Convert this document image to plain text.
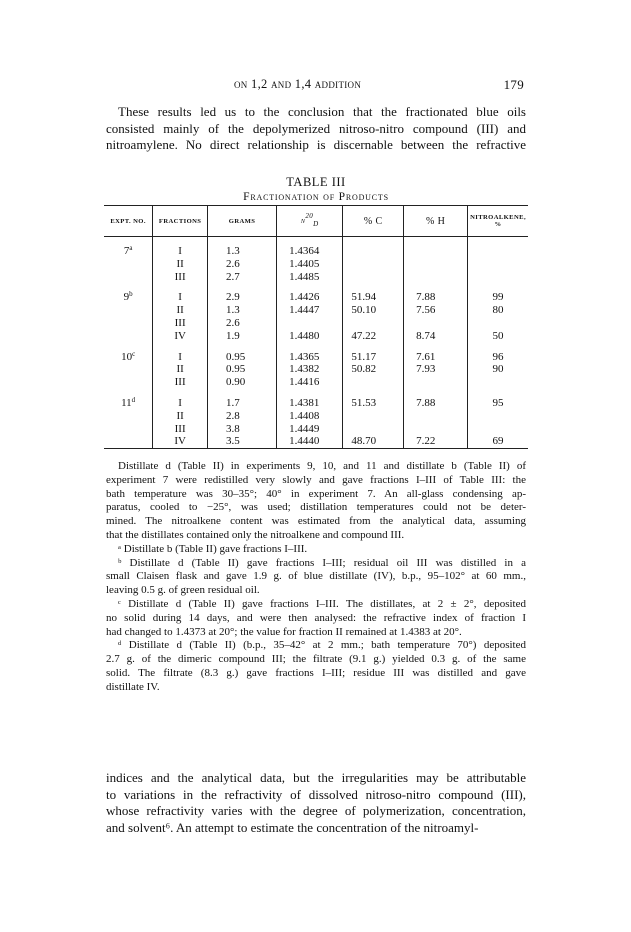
on 1,2 and 1,4 addition	179
These results led us to the conclusion that the fractionated blue oils
consisted mainly of the depolymerized nitroso-nitro compound (III) and
nitroamylene. No direct relationship is discernable between the refractive
TABLE III
Fractionation of Products
EXPT. NO.	FRACTIONS	GRAMS	$n^{20}_D$	% C	% H	NITROALKENE, %

7$^a$	I	1.3	1.4364			
	II	2.6	1.4405			
	III	2.7	1.4485			

9$^b$	I	2.9	1.4426	51.94	7.88	99
	II	1.3	1.4447	50.10	7.56	80
	III	2.6				
	IV	1.9	1.4480	47.22	8.74	50

10$^c$	I	0.95	1.4365	51.17	7.61	96
	II	0.95	1.4382	50.82	7.93	90
	III	0.90	1.4416			

11$^d$	I	1.7	1.4381	51.53	7.88	95
	II	2.8	1.4408			
	III	3.8	1.4449			
	IV	3.5	1.4440	48.70	7.22	69
Distillate d (Table II) in experiments 9, 10, and 11 and distillate b (Table II) of
experiment 7 were redistilled very slowly and gave fractions I–III of Table III: the
bath temperature was 30–35°; 40° in experiment 7. An all-glass condensing ap-
paratus, cooled to −25°, was used; distillation temperatures could not be deter-
mined. The nitroalkene content was estimated from the analytical data, assuming
that the distillates contained only the nitroalkene and compound III.
ᵃ Distillate b (Table II) gave fractions I–III.
ᵇ Distillate d (Table II) gave fractions I–III; residual oil III was distilled in a
small Claisen flask and gave 1.9 g. of blue distillate (IV), b.p., 95–102° at 60 mm.,
leaving 0.5 g. of green residual oil.
ᶜ Distillate d (Table II) gave fractions I–III. The distillates, at 2 ± 2°, deposited
no solid during 14 days, and were then analysed: the refractive index of fraction I
had changed to 1.4373 at 20°; the value for fraction II remained at 1.4383 at 20°.
ᵈ Distillate d (Table II) (b.p., 35–42° at 2 mm.; bath temperature 70°) deposited
2.7 g. of the dimeric compound III; the filtrate (9.1 g.) yielded 0.3 g. of the same
solid. The filtrate (8.3 g.) gave fractions I–III; residue III was distilled and gave
distillate IV.
indices and the analytical data, but the irregularities may be attributable
to variations in the refractivity of dissolved nitroso-nitro compound (III),
whose refractivity varies with the degree of polymerization, concentration,
and solvent⁶. An attempt to estimate the concentration of the nitroamyl-
